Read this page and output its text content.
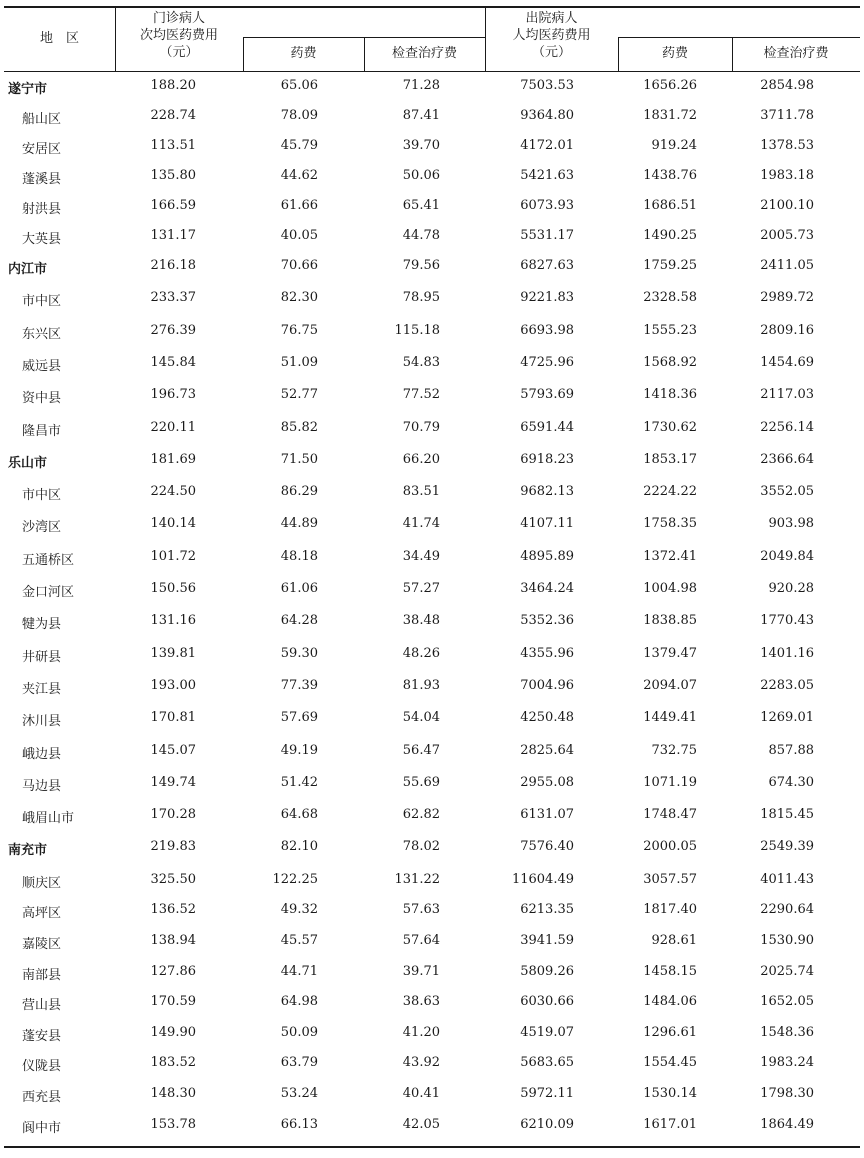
地　区
门诊病人
次均医药费用
（元）	药费	检查治疗费
出院病人
人均医药费用
（元）	药费	检查治疗费
遂宁市	188.20	65.06	71.28	7503.53	1656.26	2854.98
船山区	228.74	78.09	87.41	9364.80	1831.72	3711.78
安居区	113.51	45.79	39.70	4172.01	919.24	1378.53
蓬溪县	135.80	44.62	50.06	5421.63	1438.76	1983.18
射洪县	166.59	61.66	65.41	6073.93	1686.51	2100.10
大英县	131.17	40.05	44.78	5531.17	1490.25	2005.73
内江市	216.18	70.66	79.56	6827.63	1759.25	2411.05
市中区	233.37	82.30	78.95	9221.83	2328.58	2989.72
东兴区	276.39	76.75	115.18	6693.98	1555.23	2809.16
威远县	145.84	51.09	54.83	4725.96	1568.92	1454.69
资中县	196.73	52.77	77.52	5793.69	1418.36	2117.03
隆昌市	220.11	85.82	70.79	6591.44	1730.62	2256.14
乐山市	181.69	71.50	66.20	6918.23	1853.17	2366.64
市中区	224.50	86.29	83.51	9682.13	2224.22	3552.05
沙湾区	140.14	44.89	41.74	4107.11	1758.35	903.98
五通桥区	101.72	48.18	34.49	4895.89	1372.41	2049.84
金口河区	150.56	61.06	57.27	3464.24	1004.98	920.28
犍为县	131.16	64.28	38.48	5352.36	1838.85	1770.43
井研县	139.81	59.30	48.26	4355.96	1379.47	1401.16
夹江县	193.00	77.39	81.93	7004.96	2094.07	2283.05
沐川县	170.81	57.69	54.04	4250.48	1449.41	1269.01
峨边县	145.07	49.19	56.47	2825.64	732.75	857.88
马边县	149.74	51.42	55.69	2955.08	1071.19	674.30
峨眉山市	170.28	64.68	62.82	6131.07	1748.47	1815.45
南充市	219.83	82.10	78.02	7576.40	2000.05	2549.39
顺庆区	325.50	122.25	131.22	11604.49	3057.57	4011.43
高坪区	136.52	49.32	57.63	6213.35	1817.40	2290.64
嘉陵区	138.94	45.57	57.64	3941.59	928.61	1530.90
南部县	127.86	44.71	39.71	5809.26	1458.15	2025.74
营山县	170.59	64.98	38.63	6030.66	1484.06	1652.05
蓬安县	149.90	50.09	41.20	4519.07	1296.61	1548.36
仪陇县	183.52	63.79	43.92	5683.65	1554.45	1983.24
西充县	148.30	53.24	40.41	5972.11	1530.14	1798.30
阆中市	153.78	66.13	42.05	6210.09	1617.01	1864.49
